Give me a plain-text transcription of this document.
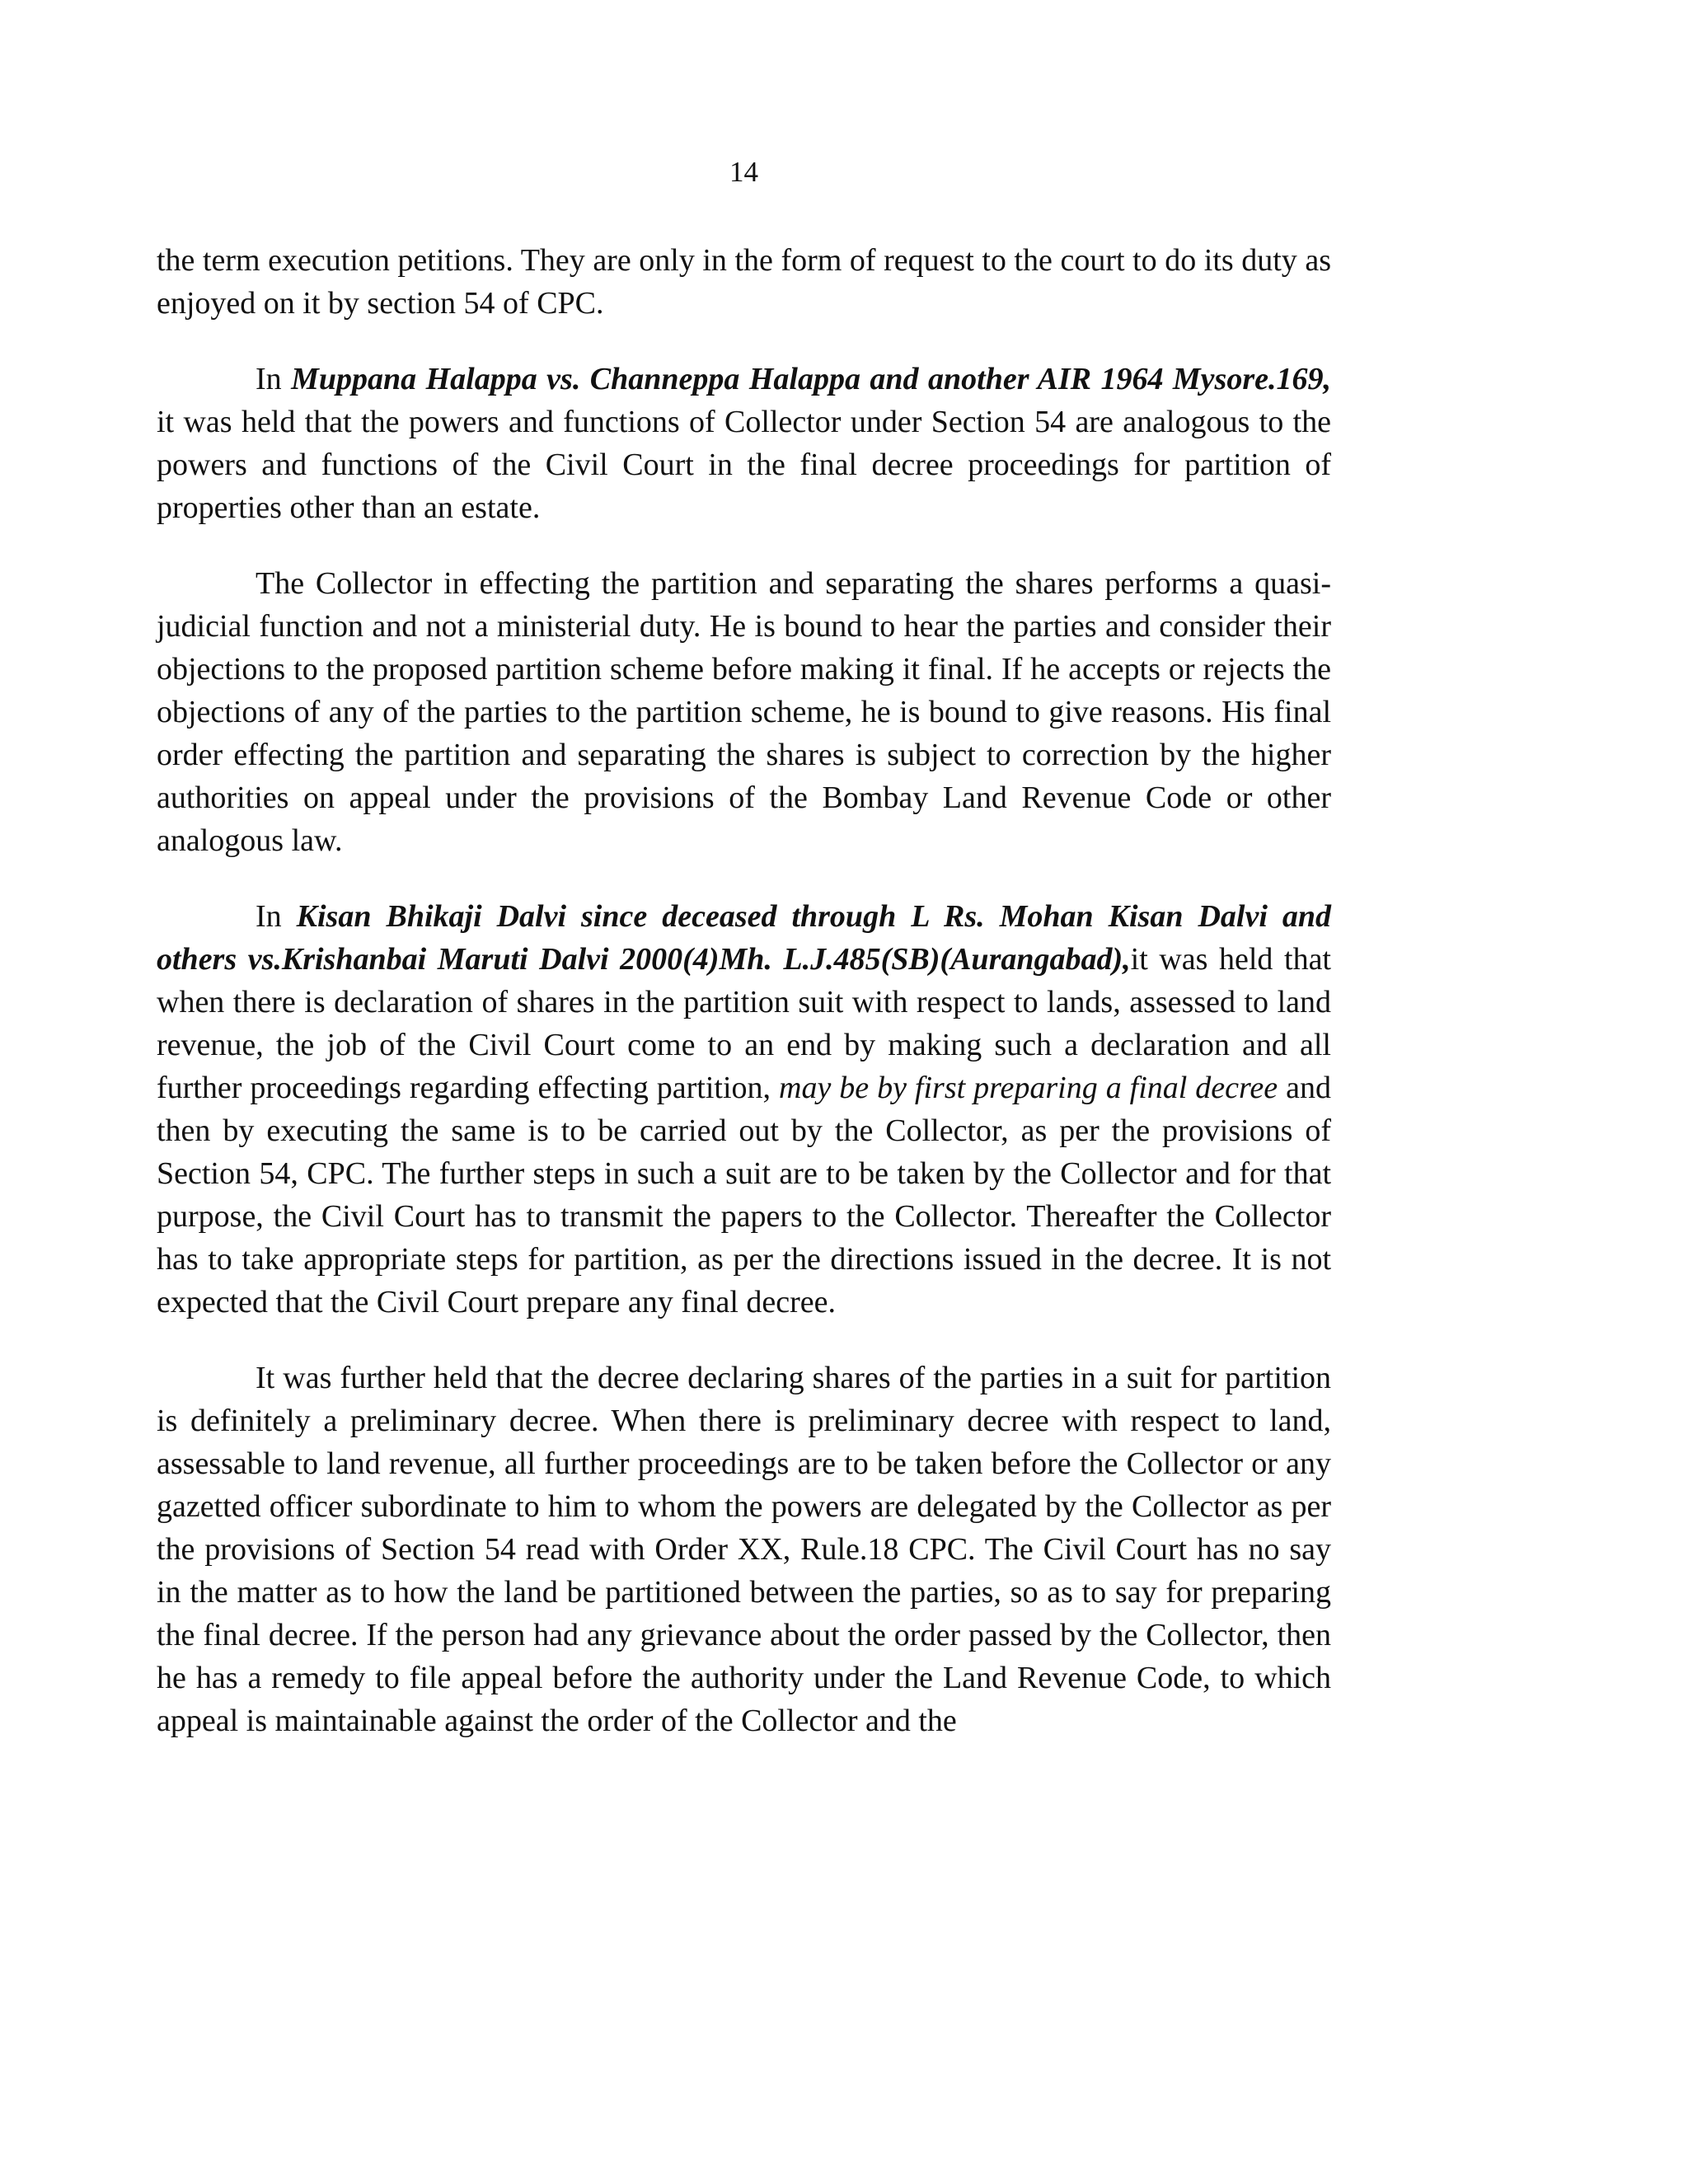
14

the term execution petitions. They are only in the form of request to the court to do its duty as enjoyed on it by section 54 of CPC.

In Muppana Halappa vs. Channeppa Halappa and another AIR 1964 Mysore.169, it was held that the powers and functions of Collector under Section 54 are analogous to the powers and functions of the Civil Court in the final decree proceedings for partition of properties other than an estate.

The Collector in effecting the partition and separating the shares performs a quasi-judicial function and not a ministerial duty. He is bound to hear the parties and consider their objections to the proposed partition scheme before making it final. If he accepts or rejects the objections of any of the parties to the partition scheme, he is bound to give reasons. His final order effecting the partition and separating the shares is subject to correction by the higher authorities on appeal under the provisions of the Bombay Land Revenue Code or other analogous law.

In Kisan Bhikaji Dalvi since deceased through L Rs. Mohan Kisan Dalvi and others vs.Krishanbai Maruti Dalvi 2000(4)Mh. L.J.485(SB)(Aurangabad),it was held that when there is declaration of shares in the partition suit with respect to lands, assessed to land revenue, the job of the Civil Court come to an end by making such a declaration and all further proceedings regarding effecting partition, may be by first preparing a final decree and then by executing the same is to be carried out by the Collector, as per the provisions of Section 54, CPC. The further steps in such a suit are to be taken by the Collector and for that purpose, the Civil Court has to transmit the papers to the Collector. Thereafter the Collector has to take appropriate steps for partition, as per the directions issued in the decree. It is not expected that the Civil Court prepare any final decree.

It was further held that the decree declaring shares of the parties in a suit for partition is definitely a preliminary decree. When there is preliminary decree with respect to land, assessable to land revenue, all further proceedings are to be taken before the Collector or any gazetted officer subordinate to him to whom the powers are delegated by the Collector as per the provisions of Section 54 read with Order XX, Rule.18 CPC. The Civil Court has no say in the matter as to how the land be partitioned between the parties, so as to say for preparing the final decree. If the person had any grievance about the order passed by the Collector, then he has a remedy to file appeal before the authority under the Land Revenue Code, to which appeal is maintainable against the order of the Collector and the
